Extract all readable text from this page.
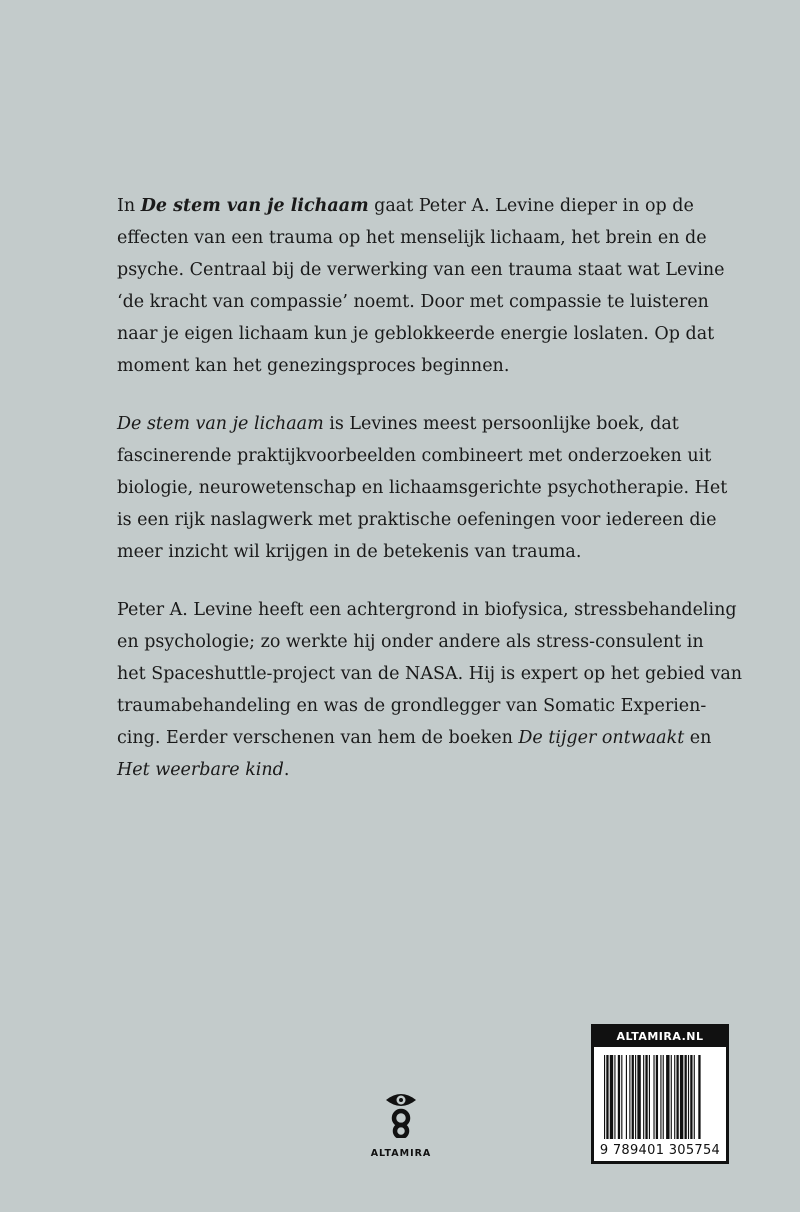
In De stem van je lichaam gaat Peter A. Levine dieper in op de
effecten van een trauma op het menselijk lichaam, het brein en de
psyche. Centraal bij de verwerking van een trauma staat wat Levine
‘de kracht van compassie’ noemt. Door met compassie te luisteren
naar je eigen lichaam kun je geblokkeerde energie loslaten. Op dat
moment kan het genezingsproces beginnen.

De stem van je lichaam is Levines meest persoonlijke boek, dat
fascinerende praktijkvoorbeelden combineert met onderzoeken uit
biologie, neurowetenschap en lichaamsgerichte psychotherapie. Het
is een rijk naslagwerk met praktische oefeningen voor iedereen die
meer inzicht wil krijgen in de betekenis van trauma.

Peter A. Levine heeft een achtergrond in biofysica, stressbehandeling
en psychologie; zo werkte hij onder andere als stress-consulent in
het Spaceshuttle-project van de NASA. Hij is expert op het gebied van
traumabehandeling en was de grondlegger van Somatic Experien-
cing. Eerder verschenen van hem de boeken De tijger ontwaakt en
Het weerbare kind.

ALTAMIRA
ALTAMIRA.NL
9 789401 305754
